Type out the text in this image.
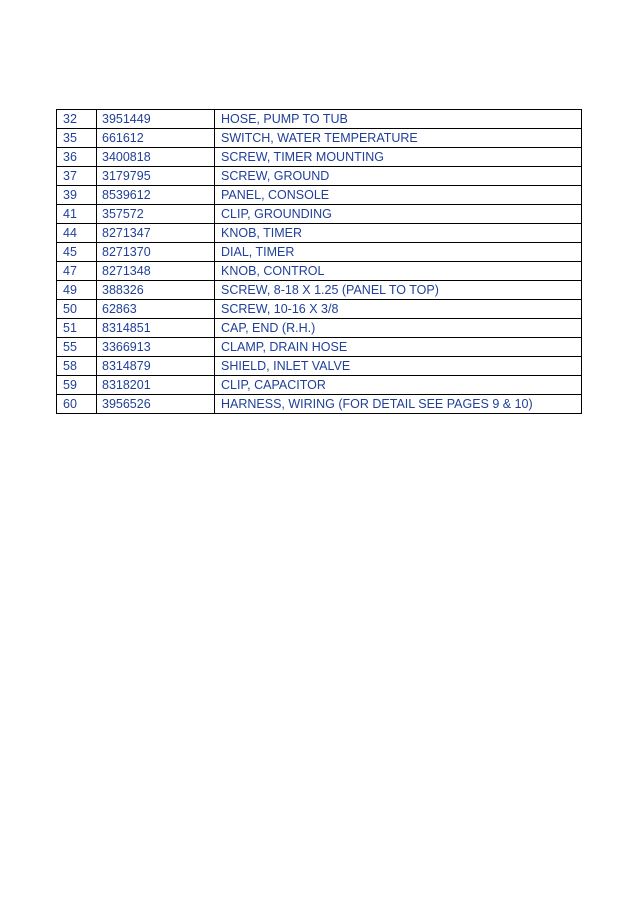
32	3951449	HOSE, PUMP TO TUB
35	661612	SWITCH, WATER TEMPERATURE
36	3400818	SCREW, TIMER MOUNTING
37	3179795	SCREW, GROUND
39	8539612	PANEL, CONSOLE
41	357572	CLIP, GROUNDING
44	8271347	KNOB, TIMER
45	8271370	DIAL, TIMER
47	8271348	KNOB, CONTROL
49	388326	SCREW, 8-18 X 1.25 (PANEL TO TOP)
50	62863	SCREW, 10-16 X 3/8
51	8314851	CAP, END (R.H.)
55	3366913	CLAMP, DRAIN HOSE
58	8314879	SHIELD, INLET VALVE
59	8318201	CLIP, CAPACITOR
60	3956526	HARNESS, WIRING (FOR DETAIL SEE PAGES 9 & 10)
